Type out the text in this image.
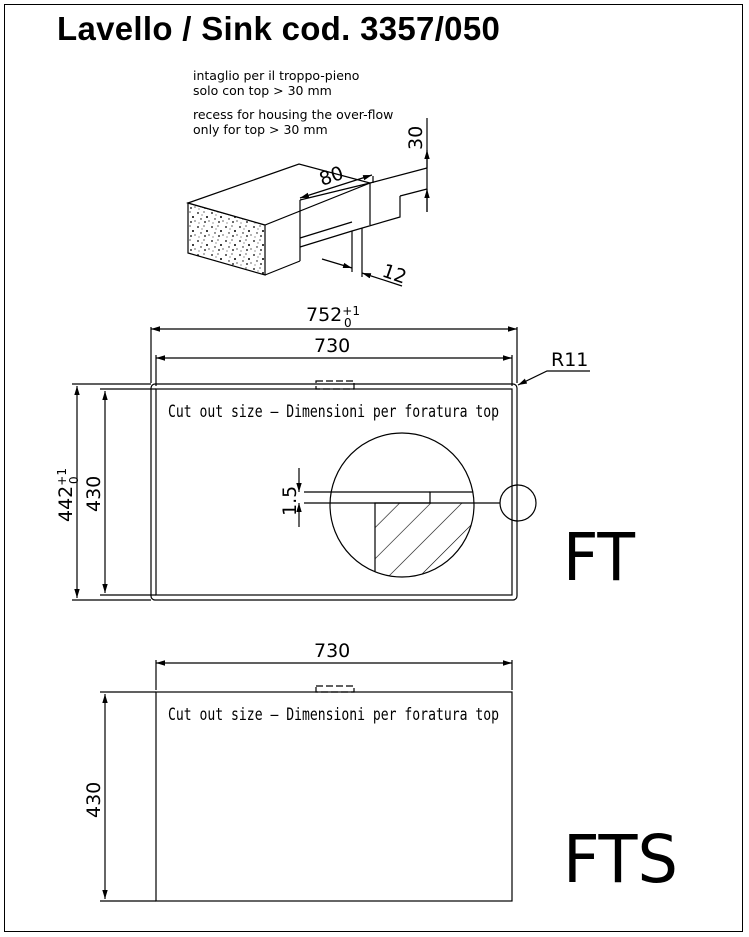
Lavello / Sink cod. 3357/050
intaglio per il troppo-pieno
solo con top > 30 mm
recess for housing the over-flow
only for top > 30 mm
80
30
12
$752^{+1}$ 0
730
R11
$442^{+1}0$ 430
Cut out size – Dimensioni per foratura top
1.5
FT
730
430
Cut out size – Dimensioni per foratura top
FTS
